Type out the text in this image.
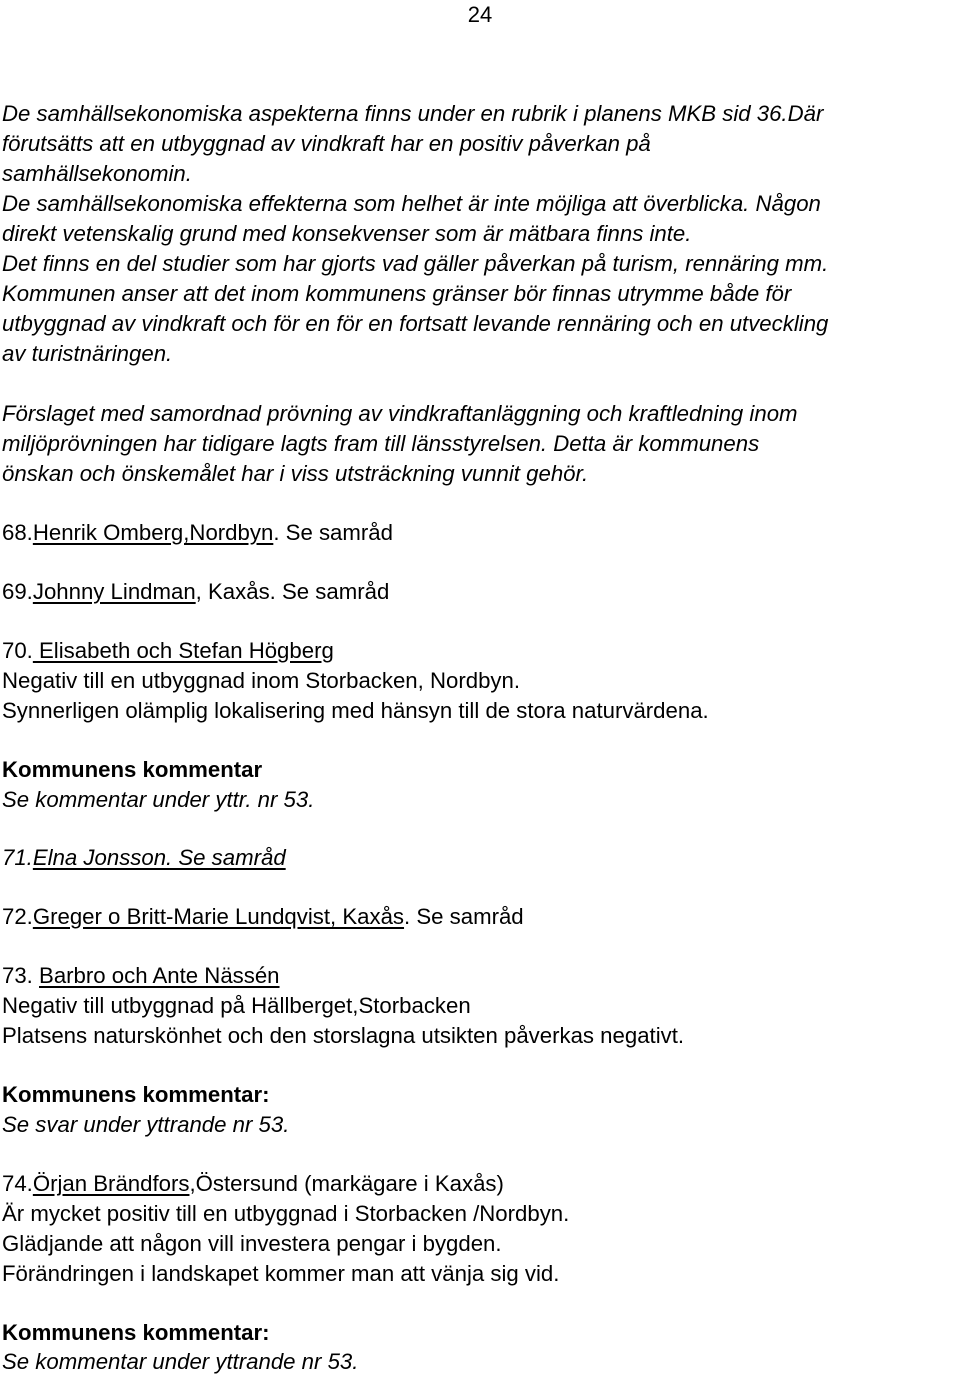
24
De samhällsekonomiska aspekterna finns under en rubrik i planens MKB sid 36.Där
förutsätts att en utbyggnad av vindkraft har en positiv påverkan på
samhällsekonomin.
De samhällsekonomiska effekterna som helhet är inte möjliga att överblicka. Någon
direkt vetenskalig grund med konsekvenser som är mätbara finns inte.
Det finns en del studier som har gjorts vad gäller påverkan på turism, rennäring mm.
Kommunen anser att det inom kommunens gränser bör finnas utrymme både för
utbyggnad av vindkraft och för en för en fortsatt levande rennäring och en utveckling
av turistnäringen.
Förslaget med samordnad prövning av vindkraftanläggning och kraftledning inom
miljöprövningen har tidigare lagts fram till länsstyrelsen. Detta är kommunens
önskan och önskemålet har i viss utsträckning vunnit gehör.
68.Henrik Omberg,Nordbyn. Se samråd
69.Johnny Lindman, Kaxås. Se samråd
70. Elisabeth och Stefan Högberg
Negativ till en utbyggnad inom Storbacken, Nordbyn.
Synnerligen olämplig lokalisering med hänsyn till de stora naturvärdena.
Kommunens kommentar
Se kommentar under yttr. nr 53.
71.Elna Jonsson. Se samråd
72.Greger o Britt-Marie Lundqvist, Kaxås. Se samråd
73. Barbro och Ante Nässén
Negativ till utbyggnad på Hällberget,Storbacken
Platsens naturskönhet och den storslagna utsikten påverkas negativt.
Kommunens kommentar:
Se svar under yttrande nr 53.
74.Örjan Brändfors,Östersund (markägare i Kaxås)
Är mycket positiv till en utbyggnad i Storbacken /Nordbyn.
Glädjande att någon vill investera pengar i bygden.
Förändringen i landskapet kommer man att vänja sig vid.
Kommunens kommentar:
Se kommentar under yttrande nr 53.
